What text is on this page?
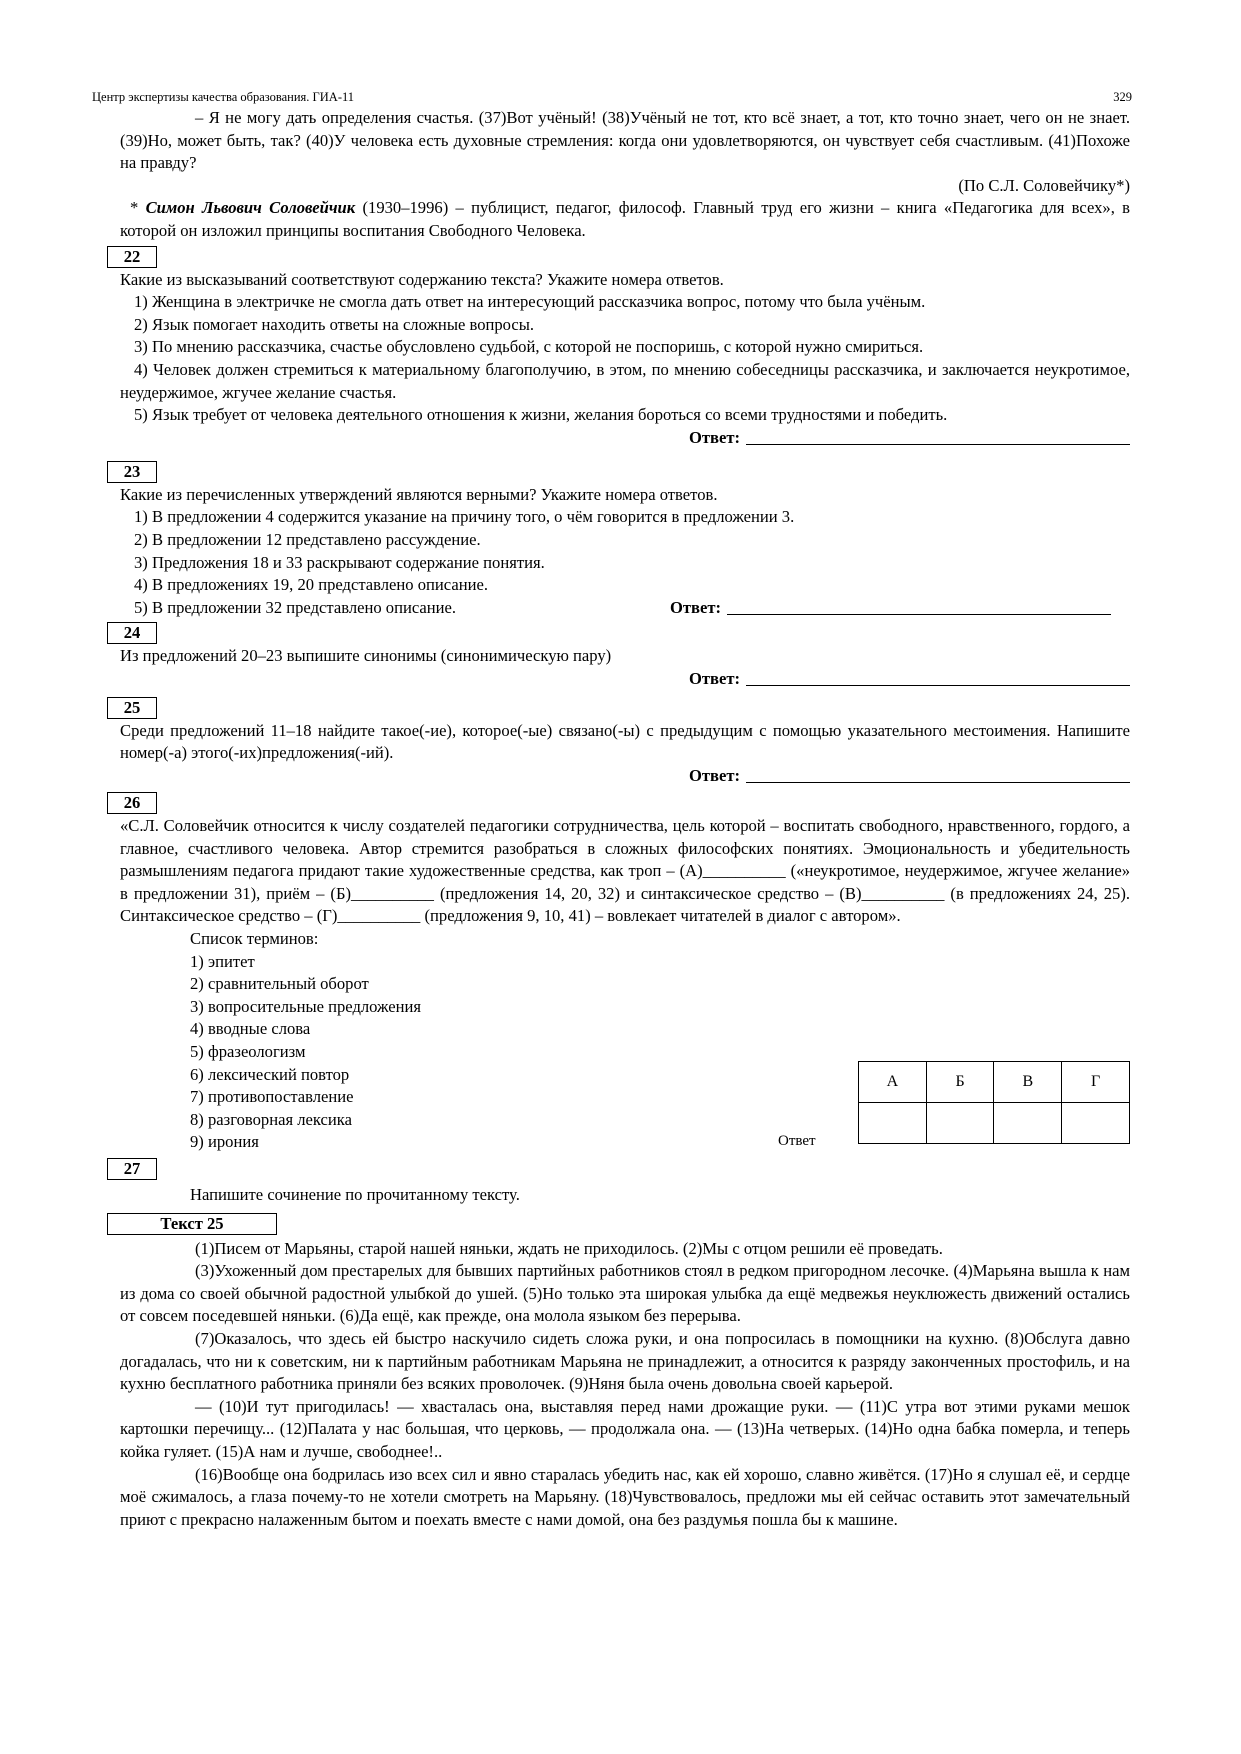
Центр экспертизы качества образования. ГИА-11	329

– Я не могу дать определения счастья. (37)Вот учёный! (38)Учёный не тот, кто всё знает, а тот, кто точно знает, чего он не знает. (39)Но, может быть, так? (40)У человека есть духовные стремления: когда они удовлетворяются, он чувствует себя счастливым. (41)Похоже на правду?

(По С.Л. Соловейчику*)

* Симон Львович Соловейчик (1930–1996) – публицист, педагог, философ. Главный труд его жизни – книга «Педагогика для всех», в которой он изложил принципы воспитания Свободного Человека.

22

Какие из высказываний соответствуют содержанию текста? Укажите номера ответов.

1) Женщина в электричке не смогла дать ответ на интересующий рассказчика вопрос, потому что была учёным.

2) Язык помогает находить ответы на сложные вопросы.

3) По мнению рассказчика, счастье обусловлено судьбой, с которой не поспоришь, с которой нужно смириться.

4) Человек должен стремиться к материальному благополучию, в этом, по мнению собеседницы рассказчика, и заключается неукротимое, неудержимое, жгучее желание счастья.

5) Язык требует от человека деятельного отношения к жизни, желания бороться со всеми трудностями и победить.

Ответ:

23

Какие из перечисленных утверждений являются верными? Укажите номера ответов.

1) В предложении 4 содержится указание на причину того, о чём говорится в предложении 3.

2) В предложении 12 представлено рассуждение.

3) Предложения 18 и 33 раскрывают содержание понятия.

4) В предложениях 19, 20 представлено описание.

5) В предложении 32 представлено описание.	Ответ:

24

Из предложений 20–23 выпишите синонимы (синонимическую пару)

Ответ:

25

Среди предложений 11–18 найдите такое(-ие), которое(-ые) связано(-ы) с предыдущим с помощью указательного местоимения. Напишите номер(-а) этого(-их)предложения(-ий).

Ответ:

26

«С.Л. Соловейчик относится к числу создателей педагогики сотрудничества, цель которой – воспитать свободного, нравственного, гордого, а главное, счастливого человека. Автор стремится разобраться в сложных философских понятиях. Эмоциональность и убедительность размышлениям педагога придают такие художественные средства, как троп – (А)__________ («неукротимое, неудержимое, жгучее желание» в предложении 31), приём – (Б)__________ (предложения 14, 20, 32) и синтаксическое средство – (В)__________ (в предложениях 24, 25). Синтаксическое средство – (Г)__________ (предложения 9, 10, 41) – вовлекает читателей в диалог с автором».

Список терминов:

1) эпитет

2) сравнительный оборот

3) вопросительные предложения

4) вводные слова

5) фразеологизм

6) лексический повтор

7) противопоставление

8) разговорная лексика

9) ирония	Ответ
А	Б	В	Г

27

Напишите сочинение по прочитанному тексту.

Текст 25

(1)Писем от Марьяны, старой нашей няньки, ждать не приходилось. (2)Мы с отцом решили её проведать.

(3)Ухоженный дом престарелых для бывших партийных работников стоял в редком пригородном лесочке. (4)Марьяна вышла к нам из дома со своей обычной радостной улыбкой до ушей. (5)Но только эта широкая улыбка да ещё медвежья неуклюжесть движений остались от совсем поседевшей няньки. (6)Да ещё, как прежде, она молола языком без перерыва.

(7)Оказалось, что здесь ей быстро наскучило сидеть сложа руки, и она попросилась в помощники на кухню. (8)Обслуга давно догадалась, что ни к советским, ни к партийным работникам Марьяна не принадлежит, а относится к разряду законченных простофиль, и на кухню бесплатного работника приняли без всяких проволочек. (9)Няня была очень довольна своей карьерой.

— (10)И тут пригодилась! — хвасталась она, выставляя перед нами дрожащие руки. — (11)С утра вот этими руками мешок картошки перечищу... (12)Палата у нас большая, что церковь, — продолжала она. — (13)На четверых. (14)Но одна бабка померла, и теперь койка гуляет. (15)А нам и лучше, свободнее!..

(16)Вообще она бодрилась изо всех сил и явно старалась убедить нас, как ей хорошо, славно живётся. (17)Но я слушал её, и сердце моё сжималось, а глаза почему-то не хотели смотреть на Марьяну. (18)Чувствовалось, предложи мы ей сейчас оставить этот замечательный приют с прекрасно налаженным бытом и поехать вместе с нами домой, она без раздумья пошла бы к машине.
